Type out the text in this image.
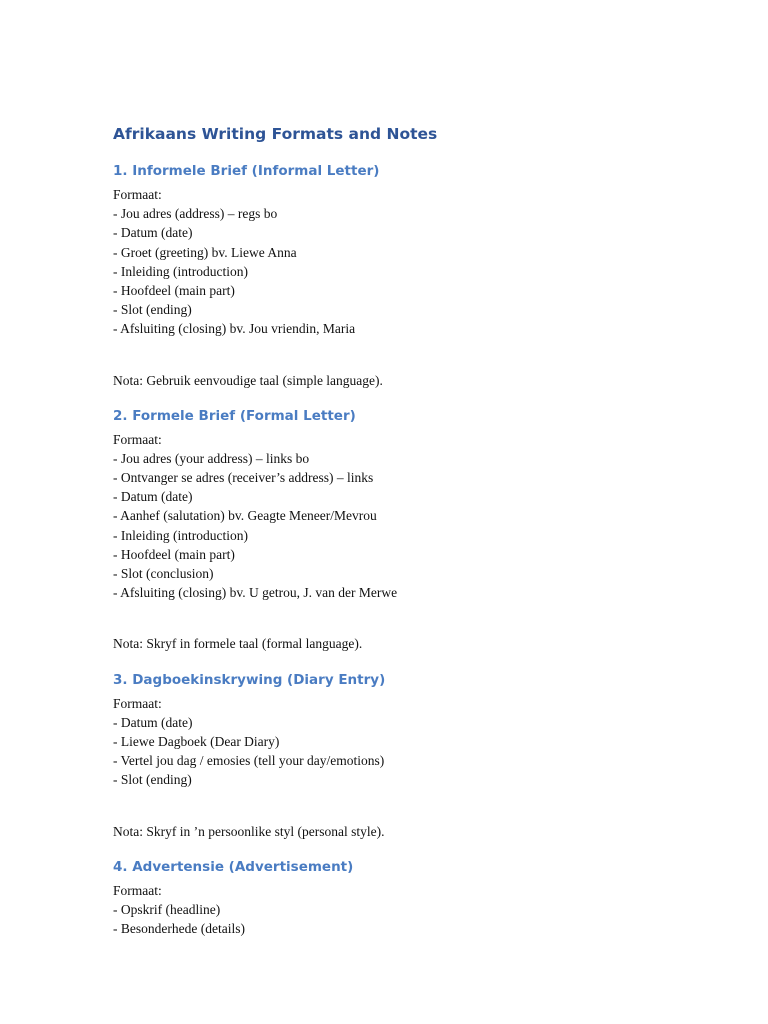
Afrikaans Writing Formats and Notes
1. Informele Brief (Informal Letter)
Formaat:
- Jou adres (address) – regs bo
- Datum (date)
- Groet (greeting) bv. Liewe Anna
- Inleiding (introduction)
- Hoofdeel (main part)
- Slot (ending)
- Afsluiting (closing) bv. Jou vriendin, Maria
Nota: Gebruik eenvoudige taal (simple language).
2. Formele Brief (Formal Letter)
Formaat:
- Jou adres (your address) – links bo
- Ontvanger se adres (receiver’s address) – links
- Datum (date)
- Aanhef (salutation) bv. Geagte Meneer/Mevrou
- Inleiding (introduction)
- Hoofdeel (main part)
- Slot (conclusion)
- Afsluiting (closing) bv. U getrou, J. van der Merwe
Nota: Skryf in formele taal (formal language).
3. Dagboekinskrywing (Diary Entry)
Formaat:
- Datum (date)
- Liewe Dagboek (Dear Diary)
- Vertel jou dag / emosies (tell your day/emotions)
- Slot (ending)
Nota: Skryf in ’n persoonlike styl (personal style).
4. Advertensie (Advertisement)
Formaat:
- Opskrif (headline)
- Besonderhede (details)
